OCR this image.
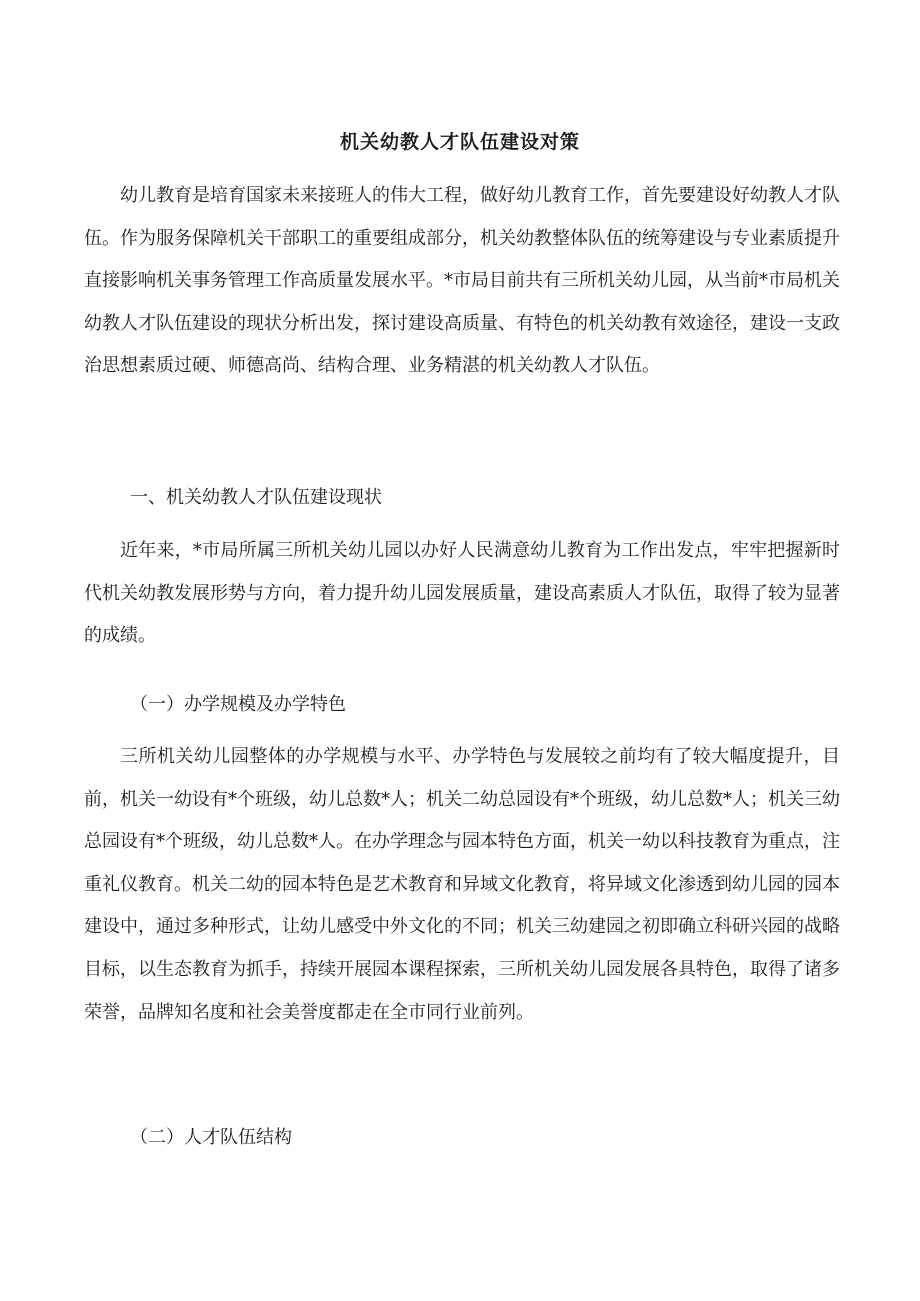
机关幼教人才队伍建设对策
幼儿教育是培育国家未来接班人的伟大工程，做好幼儿教育工作，首先要建设好幼教人才队伍。作为服务保障机关干部职工的重要组成部分，机关幼教整体队伍的统筹建设与专业素质提升直接影响机关事务管理工作高质量发展水平。*市局目前共有三所机关幼儿园，从当前*市局机关幼教人才队伍建设的现状分析出发，探讨建设高质量、有特色的机关幼教有效途径，建设一支政治思想素质过硬、师德高尚、结构合理、业务精湛的机关幼教人才队伍。
一、机关幼教人才队伍建设现状
近年来，*市局所属三所机关幼儿园以办好人民满意幼儿教育为工作出发点，牢牢把握新时代机关幼教发展形势与方向，着力提升幼儿园发展质量，建设高素质人才队伍，取得了较为显著的成绩。
（一）办学规模及办学特色
三所机关幼儿园整体的办学规模与水平、办学特色与发展较之前均有了较大幅度提升，目前，机关一幼设有*个班级，幼儿总数*人；机关二幼总园设有*个班级，幼儿总数*人；机关三幼总园设有*个班级，幼儿总数*人。在办学理念与园本特色方面，机关一幼以科技教育为重点，注重礼仪教育。机关二幼的园本特色是艺术教育和异域文化教育，将异域文化渗透到幼儿园的园本建设中，通过多种形式，让幼儿感受中外文化的不同；机关三幼建园之初即确立科研兴园的战略目标，以生态教育为抓手，持续开展园本课程探索，三所机关幼儿园发展各具特色，取得了诸多荣誉，品牌知名度和社会美誉度都走在全市同行业前列。
（二）人才队伍结构
